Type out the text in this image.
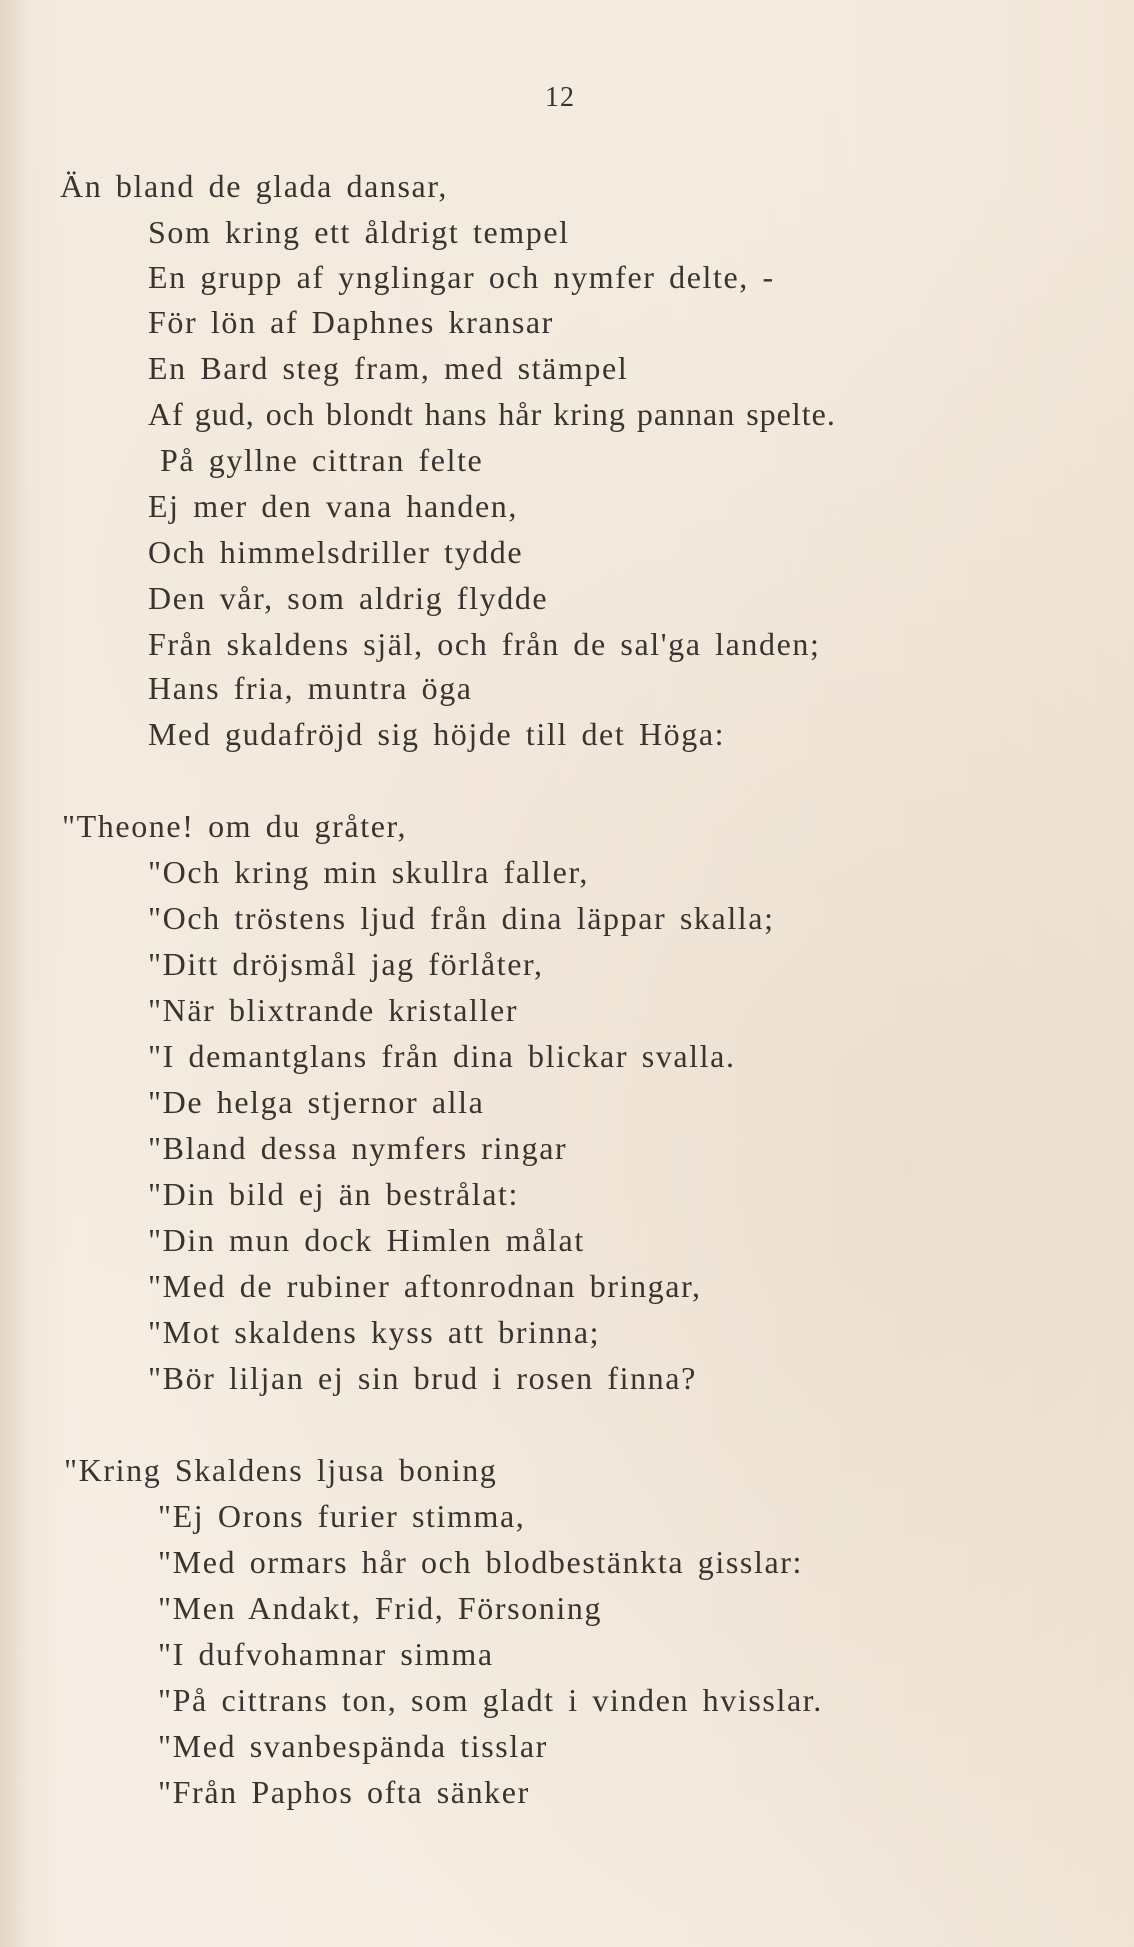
12
Än bland de glada dansar,
Som kring ett åldrigt tempel
En grupp af ynglingar och nymfer delte, -
För lön af Daphnes kransar
En Bard steg fram, med stämpel
Af gud, och blondt hans hår kring pannan spelte.
På gyllne cittran felte
Ej mer den vana handen,
Och himmelsdriller tydde
Den vår, som aldrig flydde
Från skaldens själ, och från de sal'ga landen;
Hans fria, muntra öga
Med gudafröjd sig höjde till det Höga:
"Theone! om du gråter,
"Och kring min skullra faller,
"Och tröstens ljud från dina läppar skalla;
"Ditt dröjsmål jag förlåter,
"När blixtrande kristaller
"I demantglans från dina blickar svalla.
"De helga stjernor alla
"Bland dessa nymfers ringar
"Din bild ej än bestrålat:
"Din mun dock Himlen målat
"Med de rubiner aftonrodnan bringar,
"Mot skaldens kyss att brinna;
"Bör liljan ej sin brud i rosen finna?
"Kring Skaldens ljusa boning
"Ej Orons furier stimma,
"Med ormars hår och blodbestänkta gisslar:
"Men Andakt, Frid, Försoning
"I dufvohamnar simma
"På cittrans ton, som gladt i vinden hvisslar.
"Med svanbespända tisslar
"Från Paphos ofta sänker
